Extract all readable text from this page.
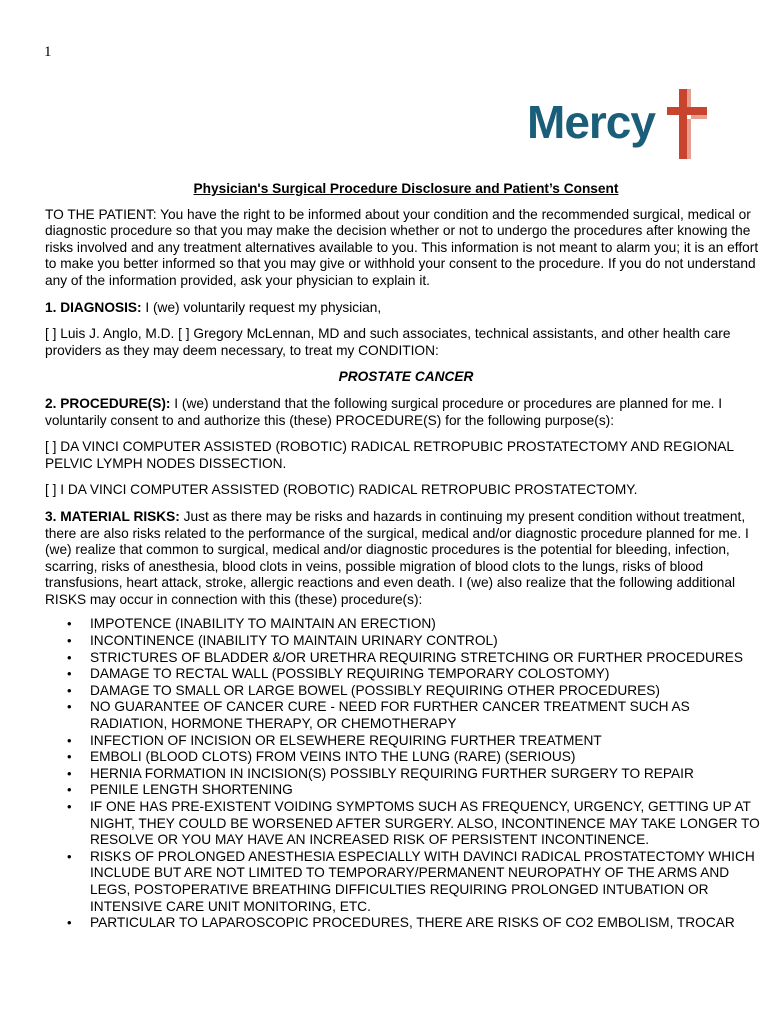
1
Mercy
Physician's Surgical Procedure Disclosure and Patient’s Consent

TO THE PATIENT: You have the right to be informed about your condition and the recommended surgical, medical or diagnostic procedure so that you may make the decision whether or not to undergo the procedures after knowing the risks involved and any treatment alternatives available to you. This information is not meant to alarm you; it is an effort to make you better informed so that you may give or withhold your consent to the procedure. If you do not understand any of the information provided, ask your physician to explain it.

1. DIAGNOSIS: I (we) voluntarily request my physician,

[ ] Luis J. Anglo, M.D. [ ] Gregory McLennan, MD and such associates, technical assistants, and other health care providers as they may deem necessary, to treat my CONDITION:

PROSTATE CANCER

2. PROCEDURE(S): I (we) understand that the following surgical procedure or procedures are planned for me. I voluntarily consent to and authorize this (these) PROCEDURE(S) for the following purpose(s):

[ ] DA VINCI COMPUTER ASSISTED (ROBOTIC) RADICAL RETROPUBIC PROSTATECTOMY AND REGIONAL PELVIC LYMPH NODES DISSECTION.

[ ] I DA VINCI COMPUTER ASSISTED (ROBOTIC) RADICAL RETROPUBIC PROSTATECTOMY.

3. MATERIAL RISKS: Just as there may be risks and hazards in continuing my present condition without treatment, there are also risks related to the performance of the surgical, medical and/or diagnostic procedure planned for me. I (we) realize that common to surgical, medical and/or diagnostic procedures is the potential for bleeding, infection, scarring, risks of anesthesia, blood clots in veins, possible migration of blood clots to the lungs, risks of blood transfusions, heart attack, stroke, allergic reactions and even death. I (we) also realize that the following additional RISKS may occur in connection with this (these) procedure(s):

• IMPOTENCE (INABILITY TO MAINTAIN AN ERECTION)
• INCONTINENCE (INABILITY TO MAINTAIN URINARY CONTROL)
• STRICTURES OF BLADDER &/OR URETHRA REQUIRING STRETCHING OR FURTHER PROCEDURES
• DAMAGE TO RECTAL WALL (POSSIBLY REQUIRING TEMPORARY COLOSTOMY)
• DAMAGE TO SMALL OR LARGE BOWEL (POSSIBLY REQUIRING OTHER PROCEDURES)
• NO GUARANTEE OF CANCER CURE - NEED FOR FURTHER CANCER TREATMENT SUCH AS RADIATION, HORMONE THERAPY, OR CHEMOTHERAPY
• INFECTION OF INCISION OR ELSEWHERE REQUIRING FURTHER TREATMENT
• EMBOLI (BLOOD CLOTS) FROM VEINS INTO THE LUNG (RARE) (SERIOUS)
• HERNIA FORMATION IN INCISION(S) POSSIBLY REQUIRING FURTHER SURGERY TO REPAIR
• PENILE LENGTH SHORTENING
• IF ONE HAS PRE-EXISTENT VOIDING SYMPTOMS SUCH AS FREQUENCY, URGENCY, GETTING UP AT NIGHT, THEY COULD BE WORSENED AFTER SURGERY. ALSO, INCONTINENCE MAY TAKE LONGER TO RESOLVE OR YOU MAY HAVE AN INCREASED RISK OF PERSISTENT INCONTINENCE.
• RISKS OF PROLONGED ANESTHESIA ESPECIALLY WITH DAVINCI RADICAL PROSTATECTOMY WHICH INCLUDE BUT ARE NOT LIMITED TO TEMPORARY/PERMANENT NEUROPATHY OF THE ARMS AND LEGS, POSTOPERATIVE BREATHING DIFFICULTIES REQUIRING PROLONGED INTUBATION OR INTENSIVE CARE UNIT MONITORING, ETC.
• PARTICULAR TO LAPAROSCOPIC PROCEDURES, THERE ARE RISKS OF CO2 EMBOLISM, TROCAR
